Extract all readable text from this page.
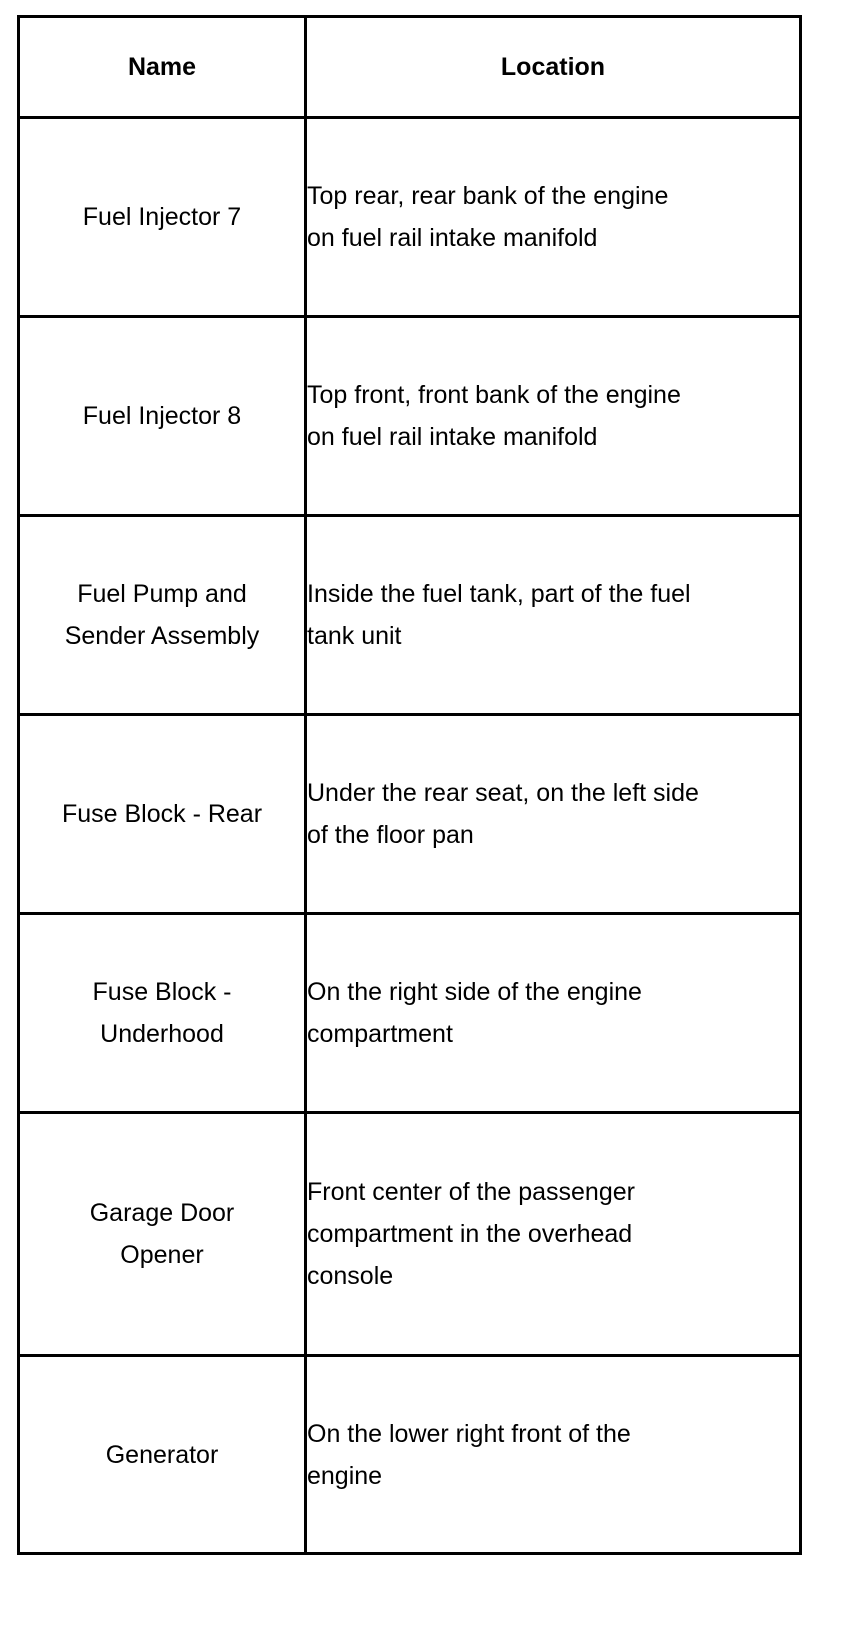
Name	Location

Fuel Injector 7	Top rear, rear bank of the engine
on fuel rail intake manifold

Fuel Injector 8	Top front, front bank of the engine
on fuel rail intake manifold

Fuel Pump and
Sender Assembly	Inside the fuel tank, part of the fuel
tank unit

Fuse Block - Rear	Under the rear seat, on the left side
of the floor pan

Fuse Block -
Underhood	On the right side of the engine
compartment

Garage Door
Opener	Front center of the passenger
compartment in the overhead
console

Generator	On the lower right front of the
engine
